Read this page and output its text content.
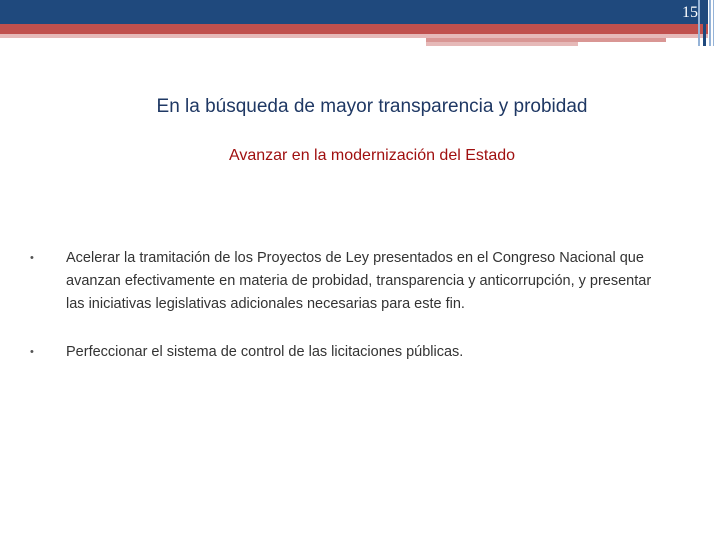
15
En la búsqueda de mayor transparencia y probidad
Avanzar en la modernización del Estado
• Acelerar la tramitación de los Proyectos de Ley presentados en el Congreso Nacional que avanzan efectivamente en materia de probidad, transparencia y anticorrupción, y presentar las iniciativas legislativas adicionales necesarias para este fin.
• Perfeccionar el sistema de control de las licitaciones públicas.
